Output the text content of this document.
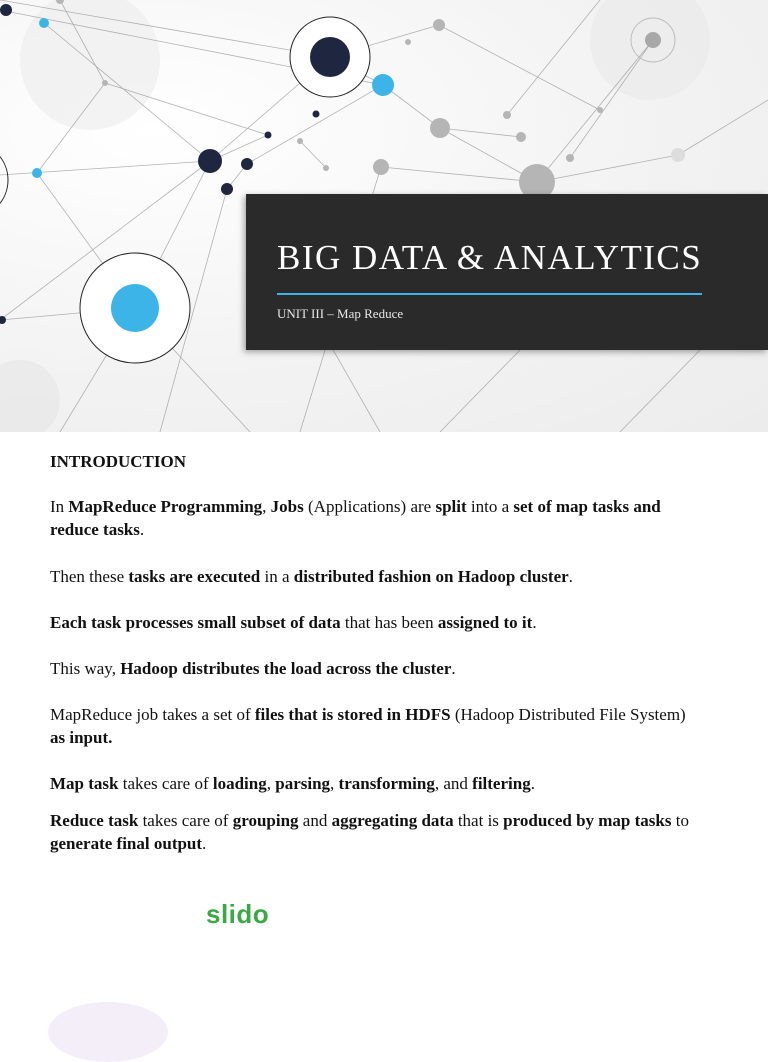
BIG DATA & ANALYTICS
UNIT III – Map Reduce

INTRODUCTION

In MapReduce Programming, Jobs (Applications) are split into a set of map tasks and reduce tasks.

Then these tasks are executed in a distributed fashion on Hadoop cluster.

Each task processes small subset of data that has been assigned to it.

This way, Hadoop distributes the load across the cluster.

MapReduce job takes a set of files that is stored in HDFS (Hadoop Distributed File System) as input.

Map task takes care of loading, parsing, transforming, and filtering.

Reduce task takes care of grouping and aggregating data that is produced by map tasks to generate final output.

slido
